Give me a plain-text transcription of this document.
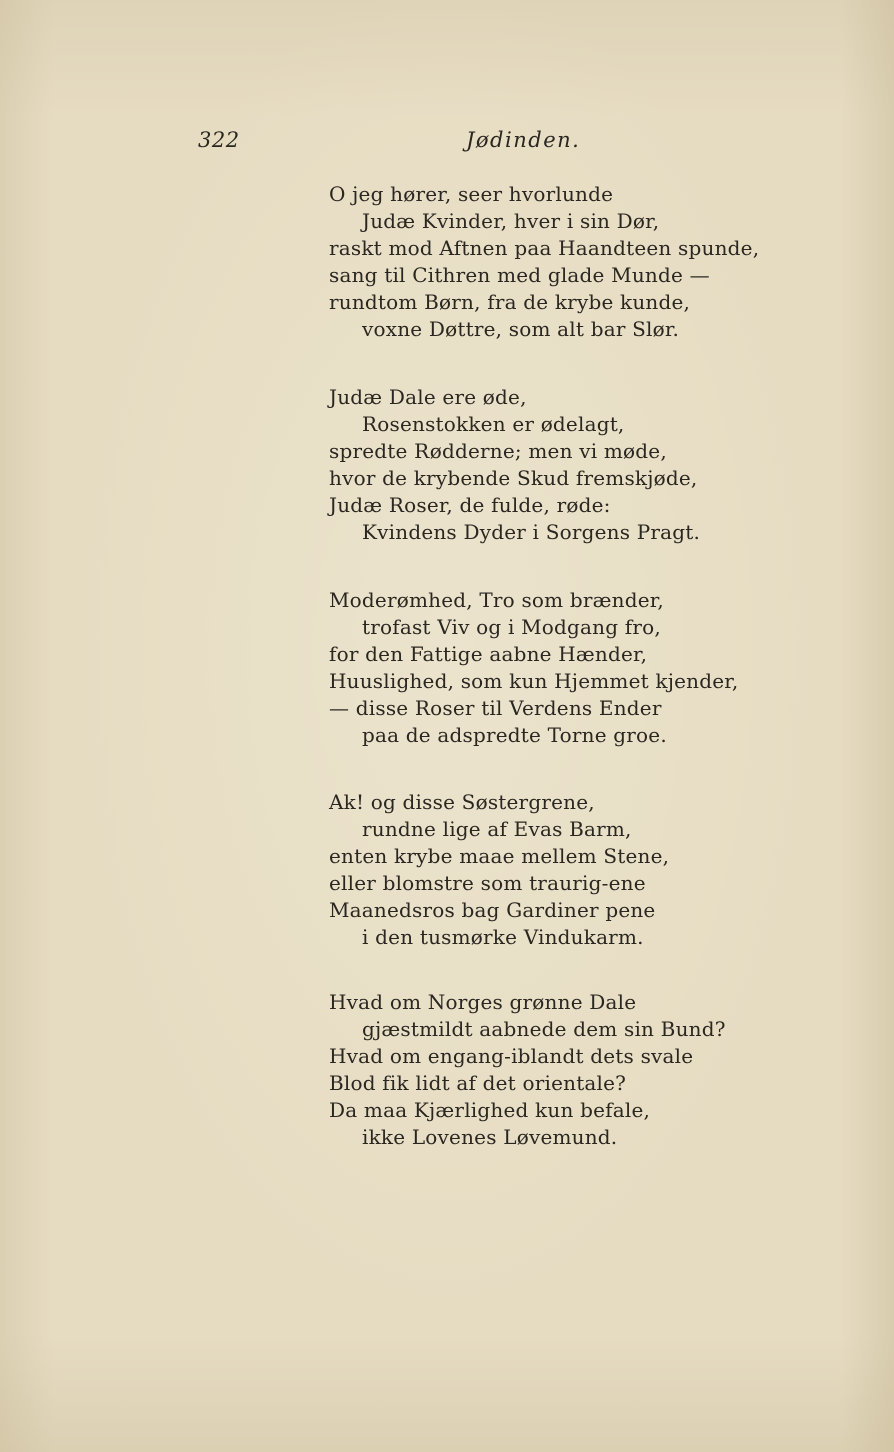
322	Jødinden.
O jeg hører, seer hvorlunde
Judæ Kvinder, hver i sin Dør,
raskt mod Aftnen paa Haandteen spunde,
sang til Cithren med glade Munde —
rundtom Børn, fra de krybe kunde,
voxne Døttre, som alt bar Slør.
Judæ Dale ere øde,
Rosenstokken er ødelagt,
spredte Rødderne; men vi møde,
hvor de krybende Skud fremskjøde,
Judæ Roser, de fulde, røde:
Kvindens Dyder i Sorgens Pragt.
Moderømhed, Tro som brænder,
trofast Viv og i Modgang fro,
for den Fattige aabne Hænder,
Huuslighed, som kun Hjemmet kjender,
— disse Roser til Verdens Ender
paa de adspredte Torne groe.
Ak! og disse Søstergrene,
rundne lige af Evas Barm,
enten krybe maae mellem Stene,
eller blomstre som traurig-ene
Maanedsros bag Gardiner pene
i den tusmørke Vindukarm.
Hvad om Norges grønne Dale
gjæstmildt aabnede dem sin Bund?
Hvad om engang-iblandt dets svale
Blod fik lidt af det orientale?
Da maa Kjærlighed kun befale,
ikke Lovenes Løvemund.
